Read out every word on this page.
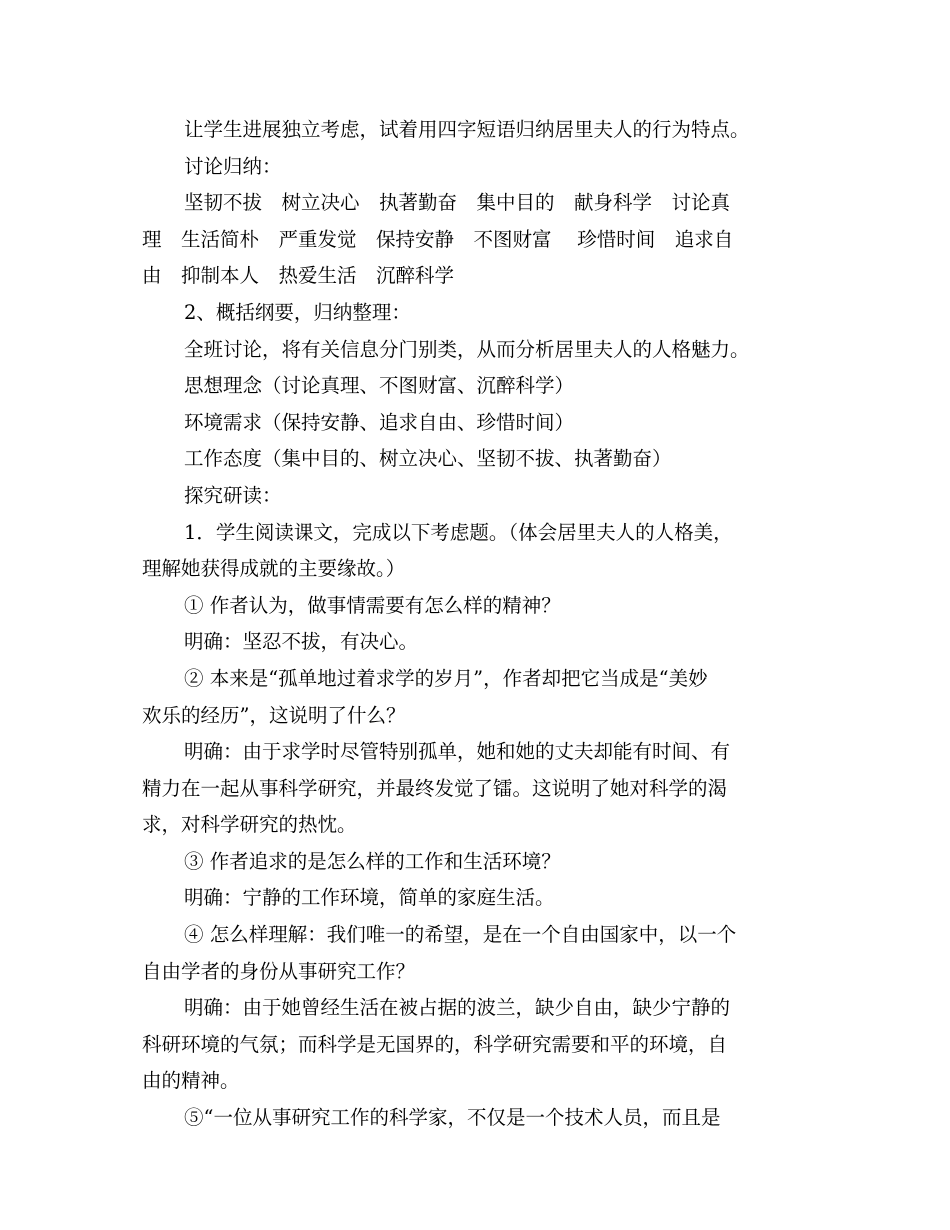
让学生进展独立考虑，试着用四字短语归纳居里夫人的行为特点。
讨论归纳：
坚韧不拔　树立决心　执著勤奋　集中目的　献身科学　讨论真
理　生活简朴　严重发觉　保持安静　不图财富　 珍惜时间　追求自
由　抑制本人　热爱生活　沉醉科学
2、概括纲要，归纳整理：
全班讨论，将有关信息分门别类，从而分析居里夫人的人格魅力。
思想理念（讨论真理、不图财富、沉醉科学）
环境需求（保持安静、追求自由、珍惜时间）
工作态度（集中目的、树立决心、坚韧不拔、执著勤奋）
探究研读：
1．学生阅读课文，完成以下考虑题。（体会居里夫人的人格美，
理解她获得成就的主要缘故。）
① 作者认为，做事情需要有怎么样的精神？
明确：坚忍不拔，有决心。
② 本来是“孤单地过着求学的岁月”，作者却把它当成是“美妙
欢乐的经历”，这说明了什么？
明确：由于求学时尽管特别孤单，她和她的丈夫却能有时间、有
精力在一起从事科学研究，并最终发觉了镭。这说明了她对科学的渴
求，对科学研究的热忱。
③ 作者追求的是怎么样的工作和生活环境？
明确：宁静的工作环境，简单的家庭生活。
④ 怎么样理解：我们唯一的希望，是在一个自由国家中，以一个
自由学者的身份从事研究工作？
明确：由于她曾经生活在被占据的波兰，缺少自由，缺少宁静的
科研环境的气氛；而科学是无国界的，科学研究需要和平的环境，自
由的精神。
⑤“一位从事研究工作的科学家，不仅是一个技术人员，而且是
